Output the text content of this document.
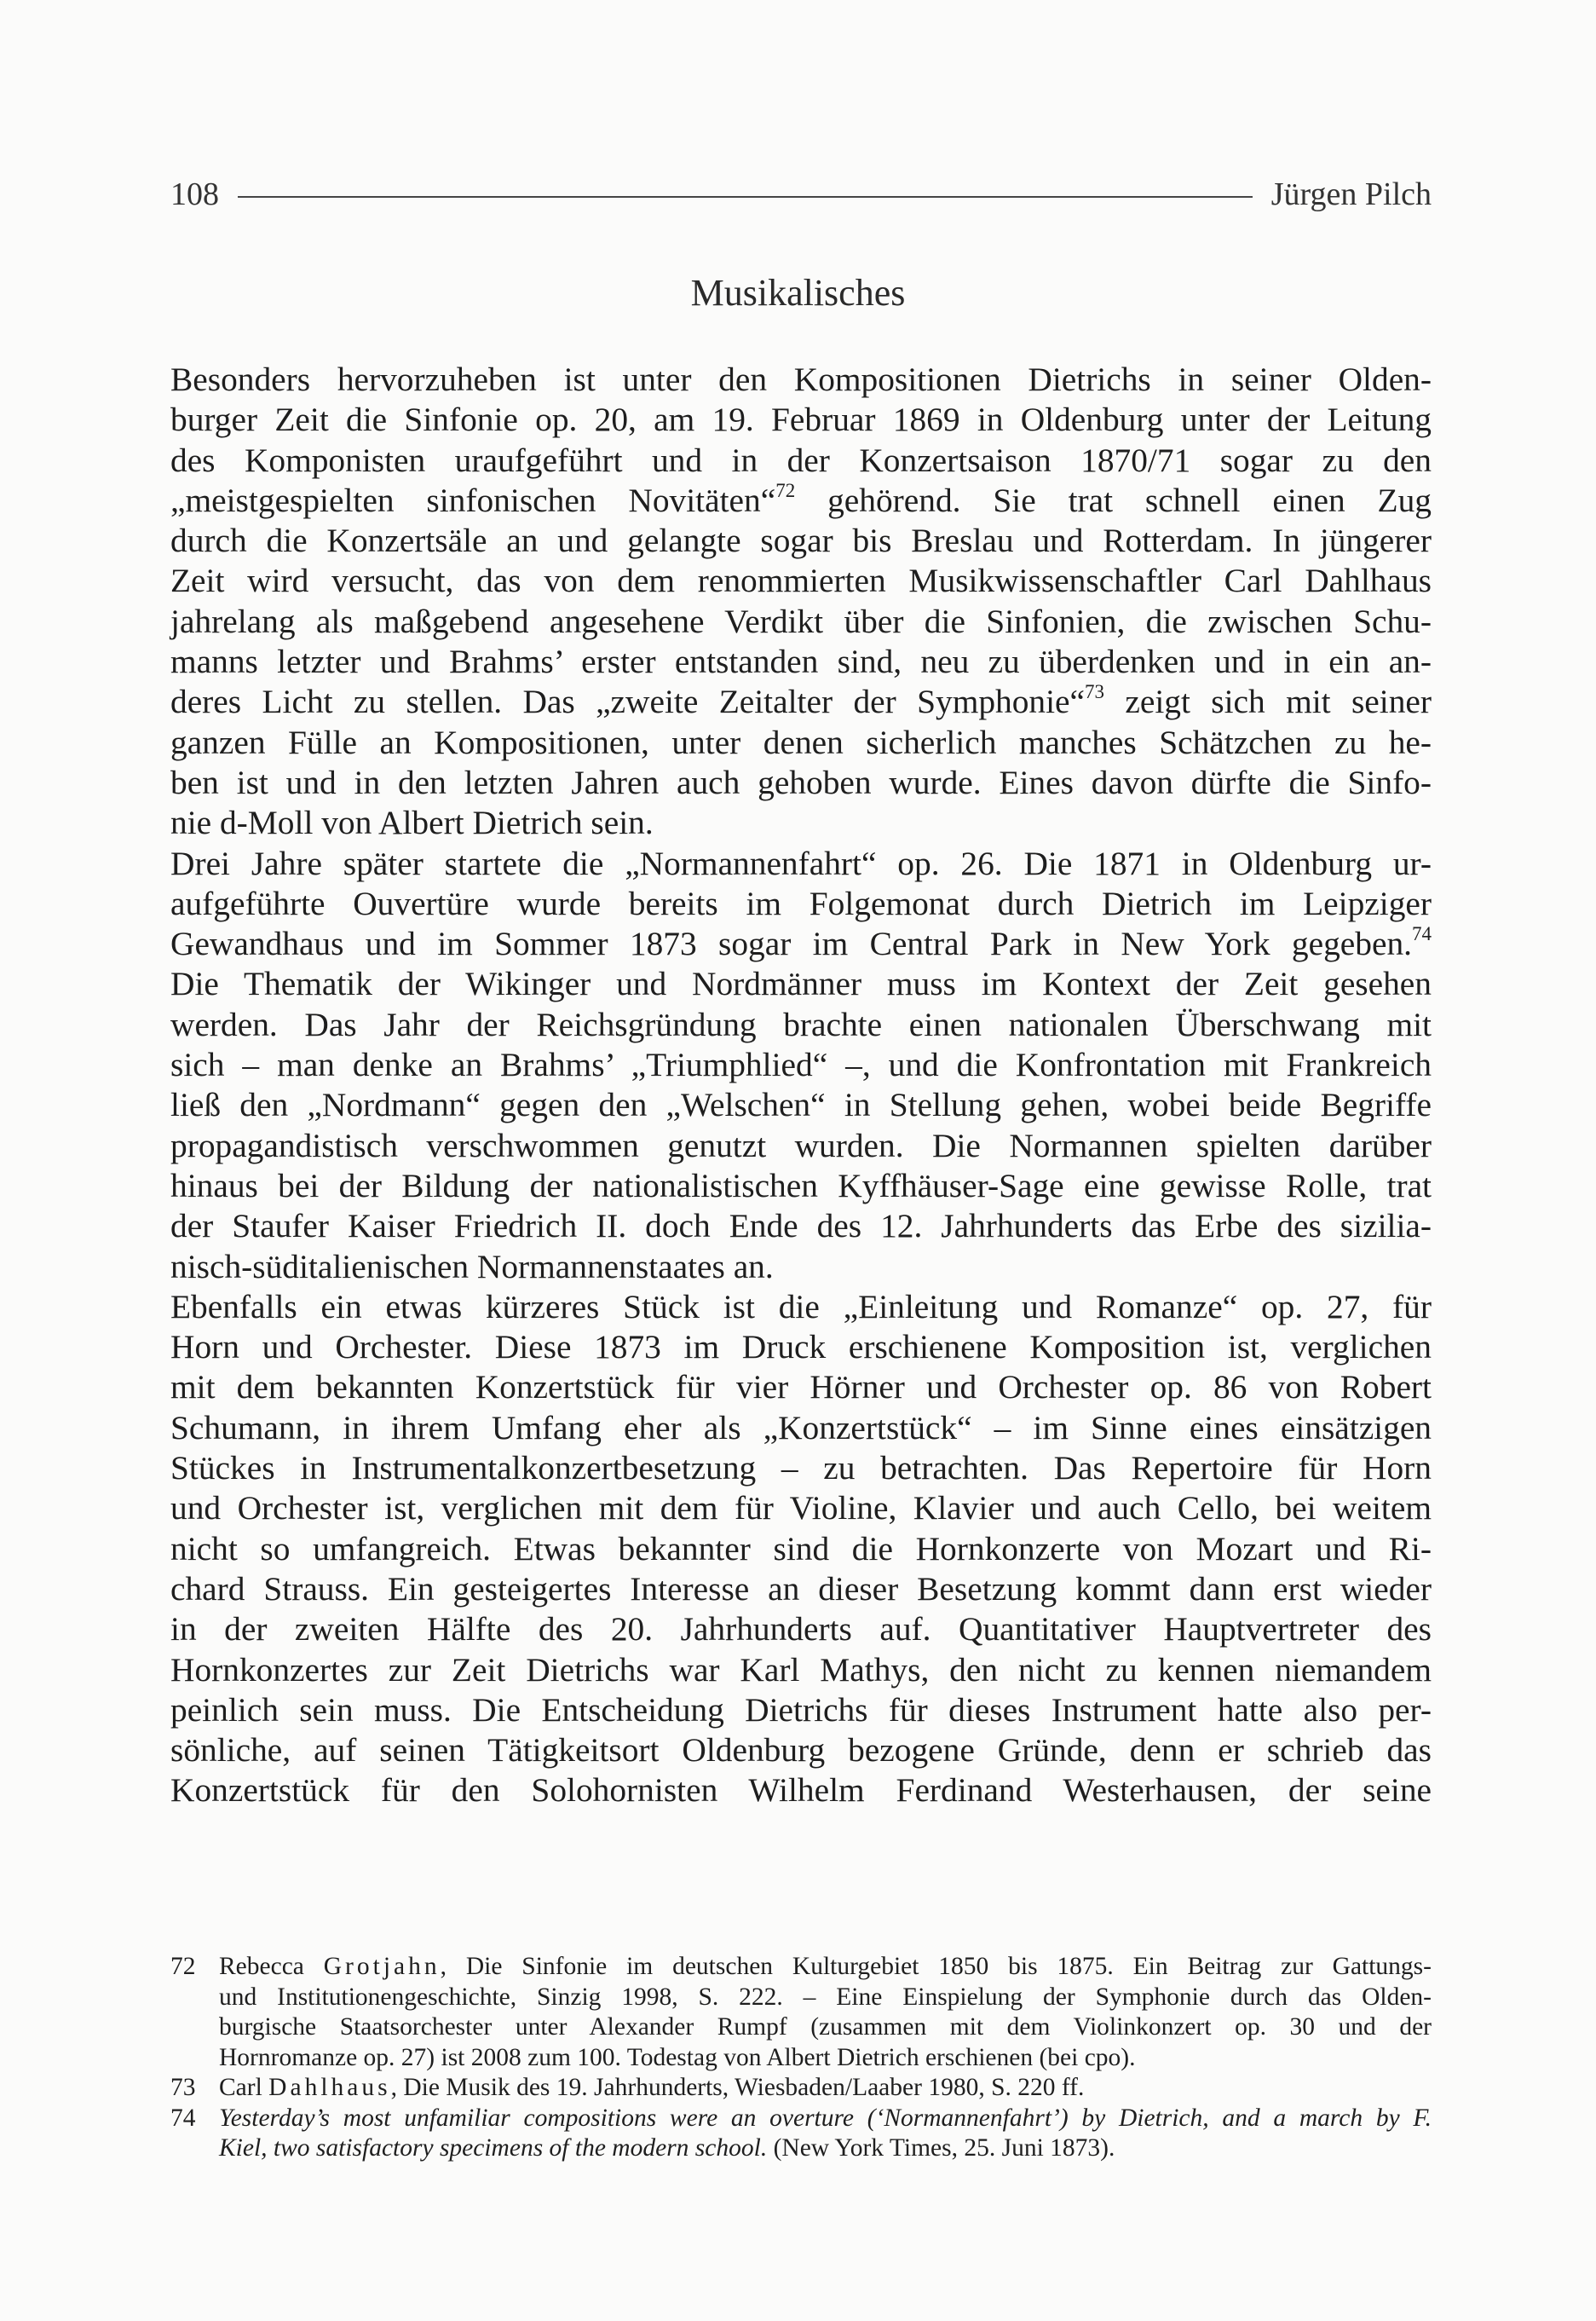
108	Jürgen Pilch
Musikalisches

Besonders hervorzuheben ist unter den Kompositionen Dietrichs in seiner Olden-

burger Zeit die Sinfonie op. 20, am 19. Februar 1869 in Oldenburg unter der Leitung

des Komponisten uraufgeführt und in der Konzertsaison 1870/71 sogar zu den

„meistgespielten sinfonischen Novitäten“$^{72}$ gehörend. Sie trat schnell einen Zug

durch die Konzertsäle an und gelangte sogar bis Breslau und Rotterdam. In jüngerer

Zeit wird versucht, das von dem renommierten Musikwissenschaftler Carl Dahlhaus

jahrelang als maßgebend angesehene Verdikt über die Sinfonien, die zwischen Schu-

manns letzter und Brahms’ erster entstanden sind, neu zu überdenken und in ein an-

deres Licht zu stellen. Das „zweite Zeitalter der Symphonie“$^{73}$ zeigt sich mit seiner

ganzen Fülle an Kompositionen, unter denen sicherlich manches Schätzchen zu he-

ben ist und in den letzten Jahren auch gehoben wurde. Eines davon dürfte die Sinfo-

nie d-Moll von Albert Dietrich sein.

Drei Jahre später startete die „Normannenfahrt“ op. 26. Die 1871 in Oldenburg ur-

aufgeführte Ouvertüre wurde bereits im Folgemonat durch Dietrich im Leipziger

Gewandhaus und im Sommer 1873 sogar im Central Park in New York gegeben.$^{74}$

Die Thematik der Wikinger und Nordmänner muss im Kontext der Zeit gesehen

werden. Das Jahr der Reichsgründung brachte einen nationalen Überschwang mit

sich – man denke an Brahms’ „Triumphlied“ –, und die Konfrontation mit Frankreich

ließ den „Nordmann“ gegen den „Welschen“ in Stellung gehen, wobei beide Begriffe

propagandistisch verschwommen genutzt wurden. Die Normannen spielten darüber

hinaus bei der Bildung der nationalistischen Kyffhäuser-Sage eine gewisse Rolle, trat

der Staufer Kaiser Friedrich II. doch Ende des 12. Jahrhunderts das Erbe des sizilia-

nisch-süditalienischen Normannenstaates an.

Ebenfalls ein etwas kürzeres Stück ist die „Einleitung und Romanze“ op. 27, für

Horn und Orchester. Diese 1873 im Druck erschienene Komposition ist, verglichen

mit dem bekannten Konzertstück für vier Hörner und Orchester op. 86 von Robert

Schumann, in ihrem Umfang eher als „Konzertstück“ – im Sinne eines einsätzigen

Stückes in Instrumentalkonzertbesetzung – zu betrachten. Das Repertoire für Horn

und Orchester ist, verglichen mit dem für Violine, Klavier und auch Cello, bei weitem

nicht so umfangreich. Etwas bekannter sind die Hornkonzerte von Mozart und Ri-

chard Strauss. Ein gesteigertes Interesse an dieser Besetzung kommt dann erst wieder

in der zweiten Hälfte des 20. Jahrhunderts auf. Quantitativer Hauptvertreter des

Hornkonzertes zur Zeit Dietrichs war Karl Mathys, den nicht zu kennen niemandem

peinlich sein muss. Die Entscheidung Dietrichs für dieses Instrument hatte also per-

sönliche, auf seinen Tätigkeitsort Oldenburg bezogene Gründe, denn er schrieb das

Konzertstück für den Solohornisten Wilhelm Ferdinand Westerhausen, der seine

72 Rebecca Grotjahn, Die Sinfonie im deutschen Kulturgebiet 1850 bis 1875. Ein Beitrag zur Gattungs-

und Institutionengeschichte, Sinzig 1998, S. 222. – Eine Einspielung der Symphonie durch das Olden-

burgische Staatsorchester unter Alexander Rumpf (zusammen mit dem Violinkonzert op. 30 und der

Hornromanze op. 27) ist 2008 zum 100. Todestag von Albert Dietrich erschienen (bei cpo).

73 Carl Dahlhaus, Die Musik des 19. Jahrhunderts, Wiesbaden/Laaber 1980, S. 220 ff.

74 Yesterday’s most unfamiliar compositions were an overture (‘Normannenfahrt’) by Dietrich, and a march by F.

Kiel, two satisfactory specimens of the modern school. (New York Times, 25. Juni 1873).
